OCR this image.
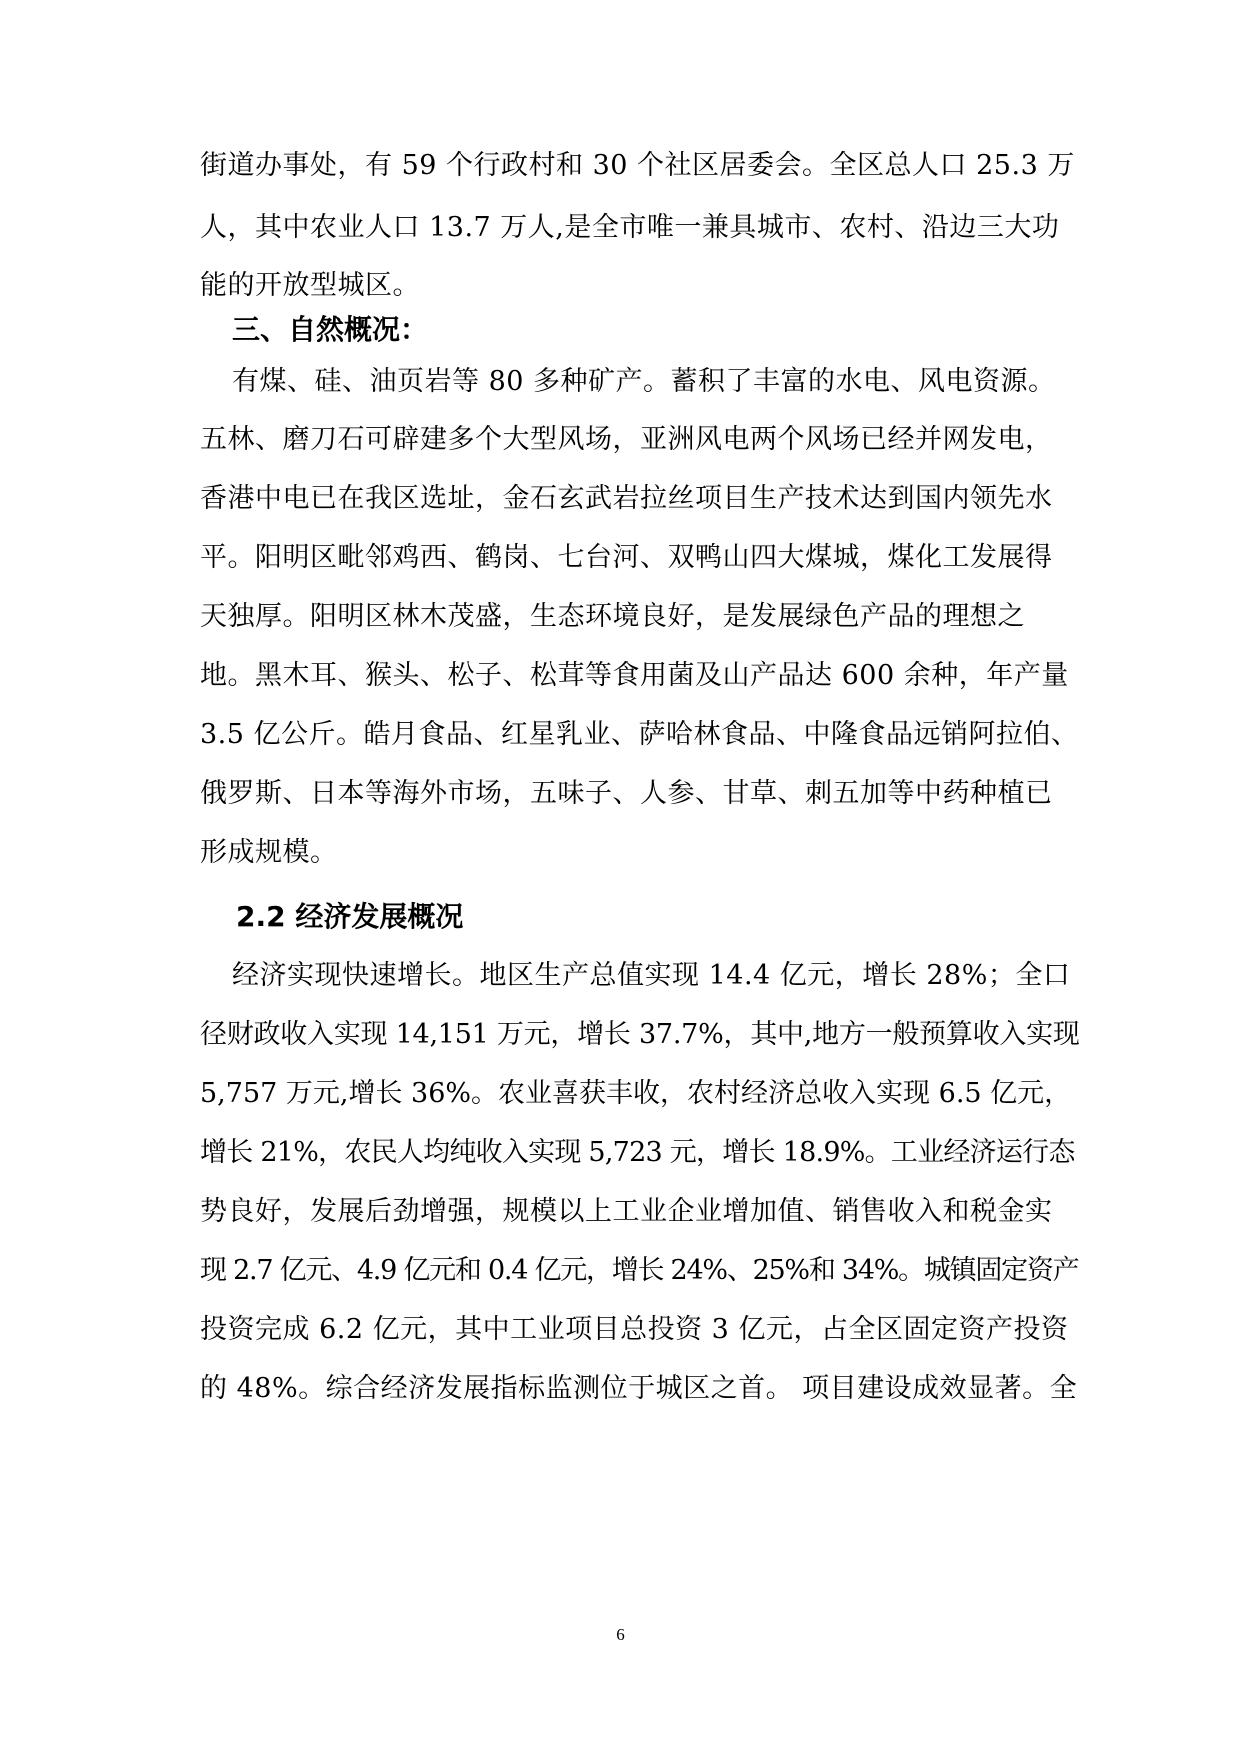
街道办事处，有 59 个行政村和 30 个社区居委会。全区总人口 25.3 万
人，其中农业人口 13.7 万人,是全市唯一兼具城市、农村、沿边三大功
能的开放型城区。
三、自然概况：
有煤、硅、油页岩等 80 多种矿产。蓄积了丰富的水电、风电资源。
五林、磨刀石可辟建多个大型风场，亚洲风电两个风场已经并网发电，
香港中电已在我区选址，金石玄武岩拉丝项目生产技术达到国内领先水
平。阳明区毗邻鸡西、鹤岗、七台河、双鸭山四大煤城，煤化工发展得
天独厚。阳明区林木茂盛，生态环境良好，是发展绿色产品的理想之
地。黑木耳、猴头、松子、松茸等食用菌及山产品达 600 余种，年产量
3.5 亿公斤。皓月食品、红星乳业、萨哈林食品、中隆食品远销阿拉伯、
俄罗斯、日本等海外市场，五味子、人参、甘草、刺五加等中药种植已
形成规模。
2.2 经济发展概况
经济实现快速增长。地区生产总值实现 14.4 亿元，增长 28%；全口
径财政收入实现 14,151 万元，增长 37.7%，其中,地方一般预算收入实现
5,757 万元,增长 36%。农业喜获丰收，农村经济总收入实现 6.5 亿元，
增长 21%，农民人均纯收入实现 5,723 元，增长 18.9%。工业经济运行态
势良好，发展后劲增强，规模以上工业企业增加值、销售收入和税金实
现 2.7 亿元、4.9 亿元和 0.4 亿元，增长 24%、25%和 34%。城镇固定资产
投资完成 6.2 亿元，其中工业项目总投资 3 亿元，占全区固定资产投资
的 48%。综合经济发展指标监测位于城区之首。 项目建设成效显著。全
6
